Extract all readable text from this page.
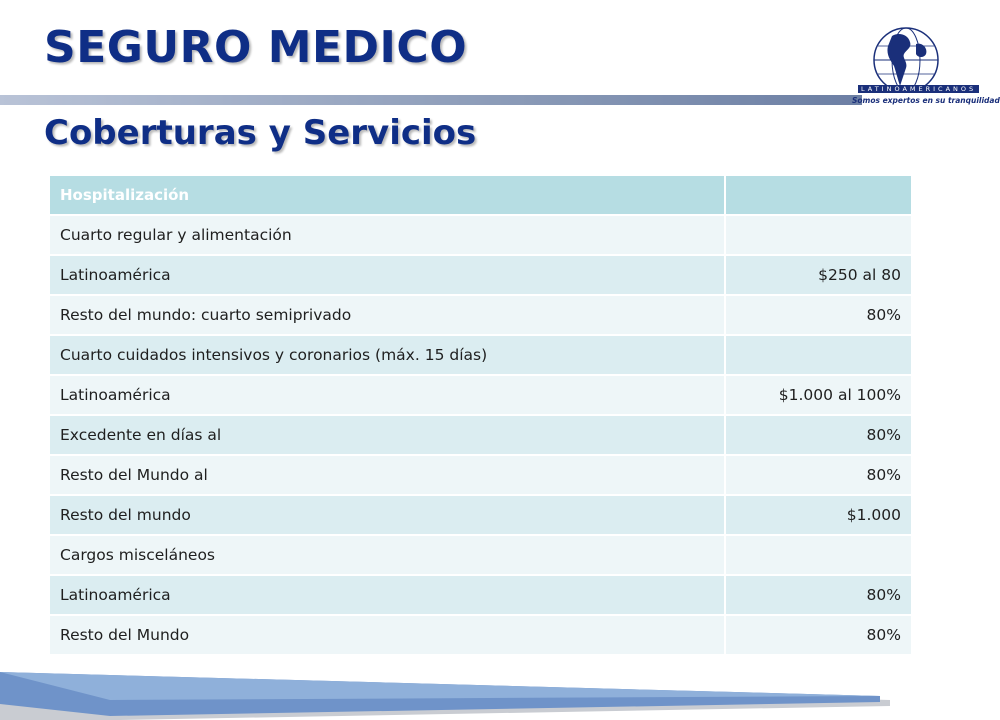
SEGURO MEDICO
Coberturas y Servicios
LATINOAMERICANOS
Somos expertos en su tranquilidad
Hospitalización	
Cuarto regular y alimentación	
Latinoamérica	$250 al 80
Resto del mundo: cuarto semiprivado	80%
Cuarto cuidados intensivos y coronarios (máx. 15 días)	
Latinoamérica	$1.000 al 100%
Excedente en días al	80%
Resto del Mundo al	80%
Resto del mundo	$1.000
Cargos misceláneos	
Latinoamérica	80%
Resto del Mundo	80%
